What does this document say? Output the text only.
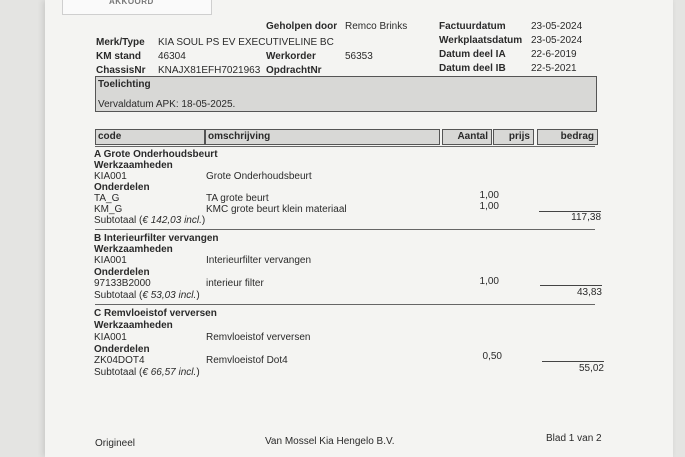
AKKOORD
Merk/Type KIA SOUL PS EV EXECUTIVELINE BC
KM stand 46304
ChassisNr KNAJX81EFH7021963
Geholpen door Remco Brinks
Werkorder	56353
OpdrachtNr
Factuurdatum	23-05-2024
Werkplaatsdatum 23-05-2024
Datum deel IA	22-6-2019
Datum deel IB	22-5-2021
Toelichting
Vervaldatum APK: 18-05-2025.
code	omschrijving	Aantal	prijs	bedrag
A Grote Onderhoudsbeurt
Werkzaamheden
KIA001	Grote Onderhoudsbeurt
Onderdelen
TA_G	TA grote beurt	1,00
KM_G	KMC grote beurt klein materiaal	1,00
Subtotaal (€ 142,03 incl.)	117,38
B Interieurfilter vervangen
Werkzaamheden
KIA001	Interieurfilter vervangen
Onderdelen
97133B2000	interieur filter	1,00
Subtotaal (€ 53,03 incl.)	43,83
C Remvloeistof verversen
Werkzaamheden
KIA001	Remvloeistof verversen
Onderdelen
ZK04DOT4	Remvloeistof Dot4	0,50
Subtotaal (€ 66,57 incl.)	55,02
Origineel	Van Mossel Kia Hengelo B.V.	Blad 1 van 2
